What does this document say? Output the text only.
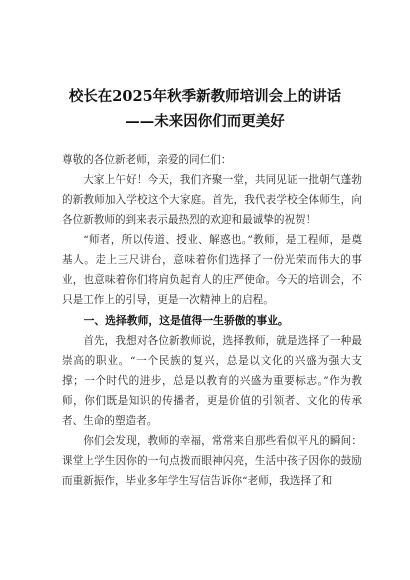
校长在2025年秋季新教师培训会上的讲话
——未来因你们而更美好

尊敬的各位新老师，亲爱的同仁们：

大家上午好！今天，我们齐聚一堂，共同见证一批朝气蓬勃的新教师加入学校这个大家庭。首先，我代表学校全体师生，向各位新教师的到来表示最热烈的欢迎和最诚挚的祝贺！

“师者，所以传道、授业、解惑也。”教师，是工程师，是奠基人。走上三尺讲台，意味着你们选择了一份光荣而伟大的事业，也意味着你们将肩负起育人的庄严使命。今天的培训会，不只是工作上的引导，更是一次精神上的启程。

一、选择教师，这是值得一生骄傲的事业。

首先，我想对各位新教师说，选择教师，就是选择了一种最崇高的职业。“一个民族的复兴，总是以文化的兴盛为强大支撑；一个时代的进步，总是以教育的兴盛为重要标志。”作为教师，你们既是知识的传播者，更是价值的引领者、文化的传承者、生命的塑造者。

你们会发现，教师的幸福，常常来自那些看似平凡的瞬间：课堂上学生因你的一句点拨而眼神闪亮，生活中孩子因你的鼓励而重新振作，毕业多年学生写信告诉你“老师，我选择了和
